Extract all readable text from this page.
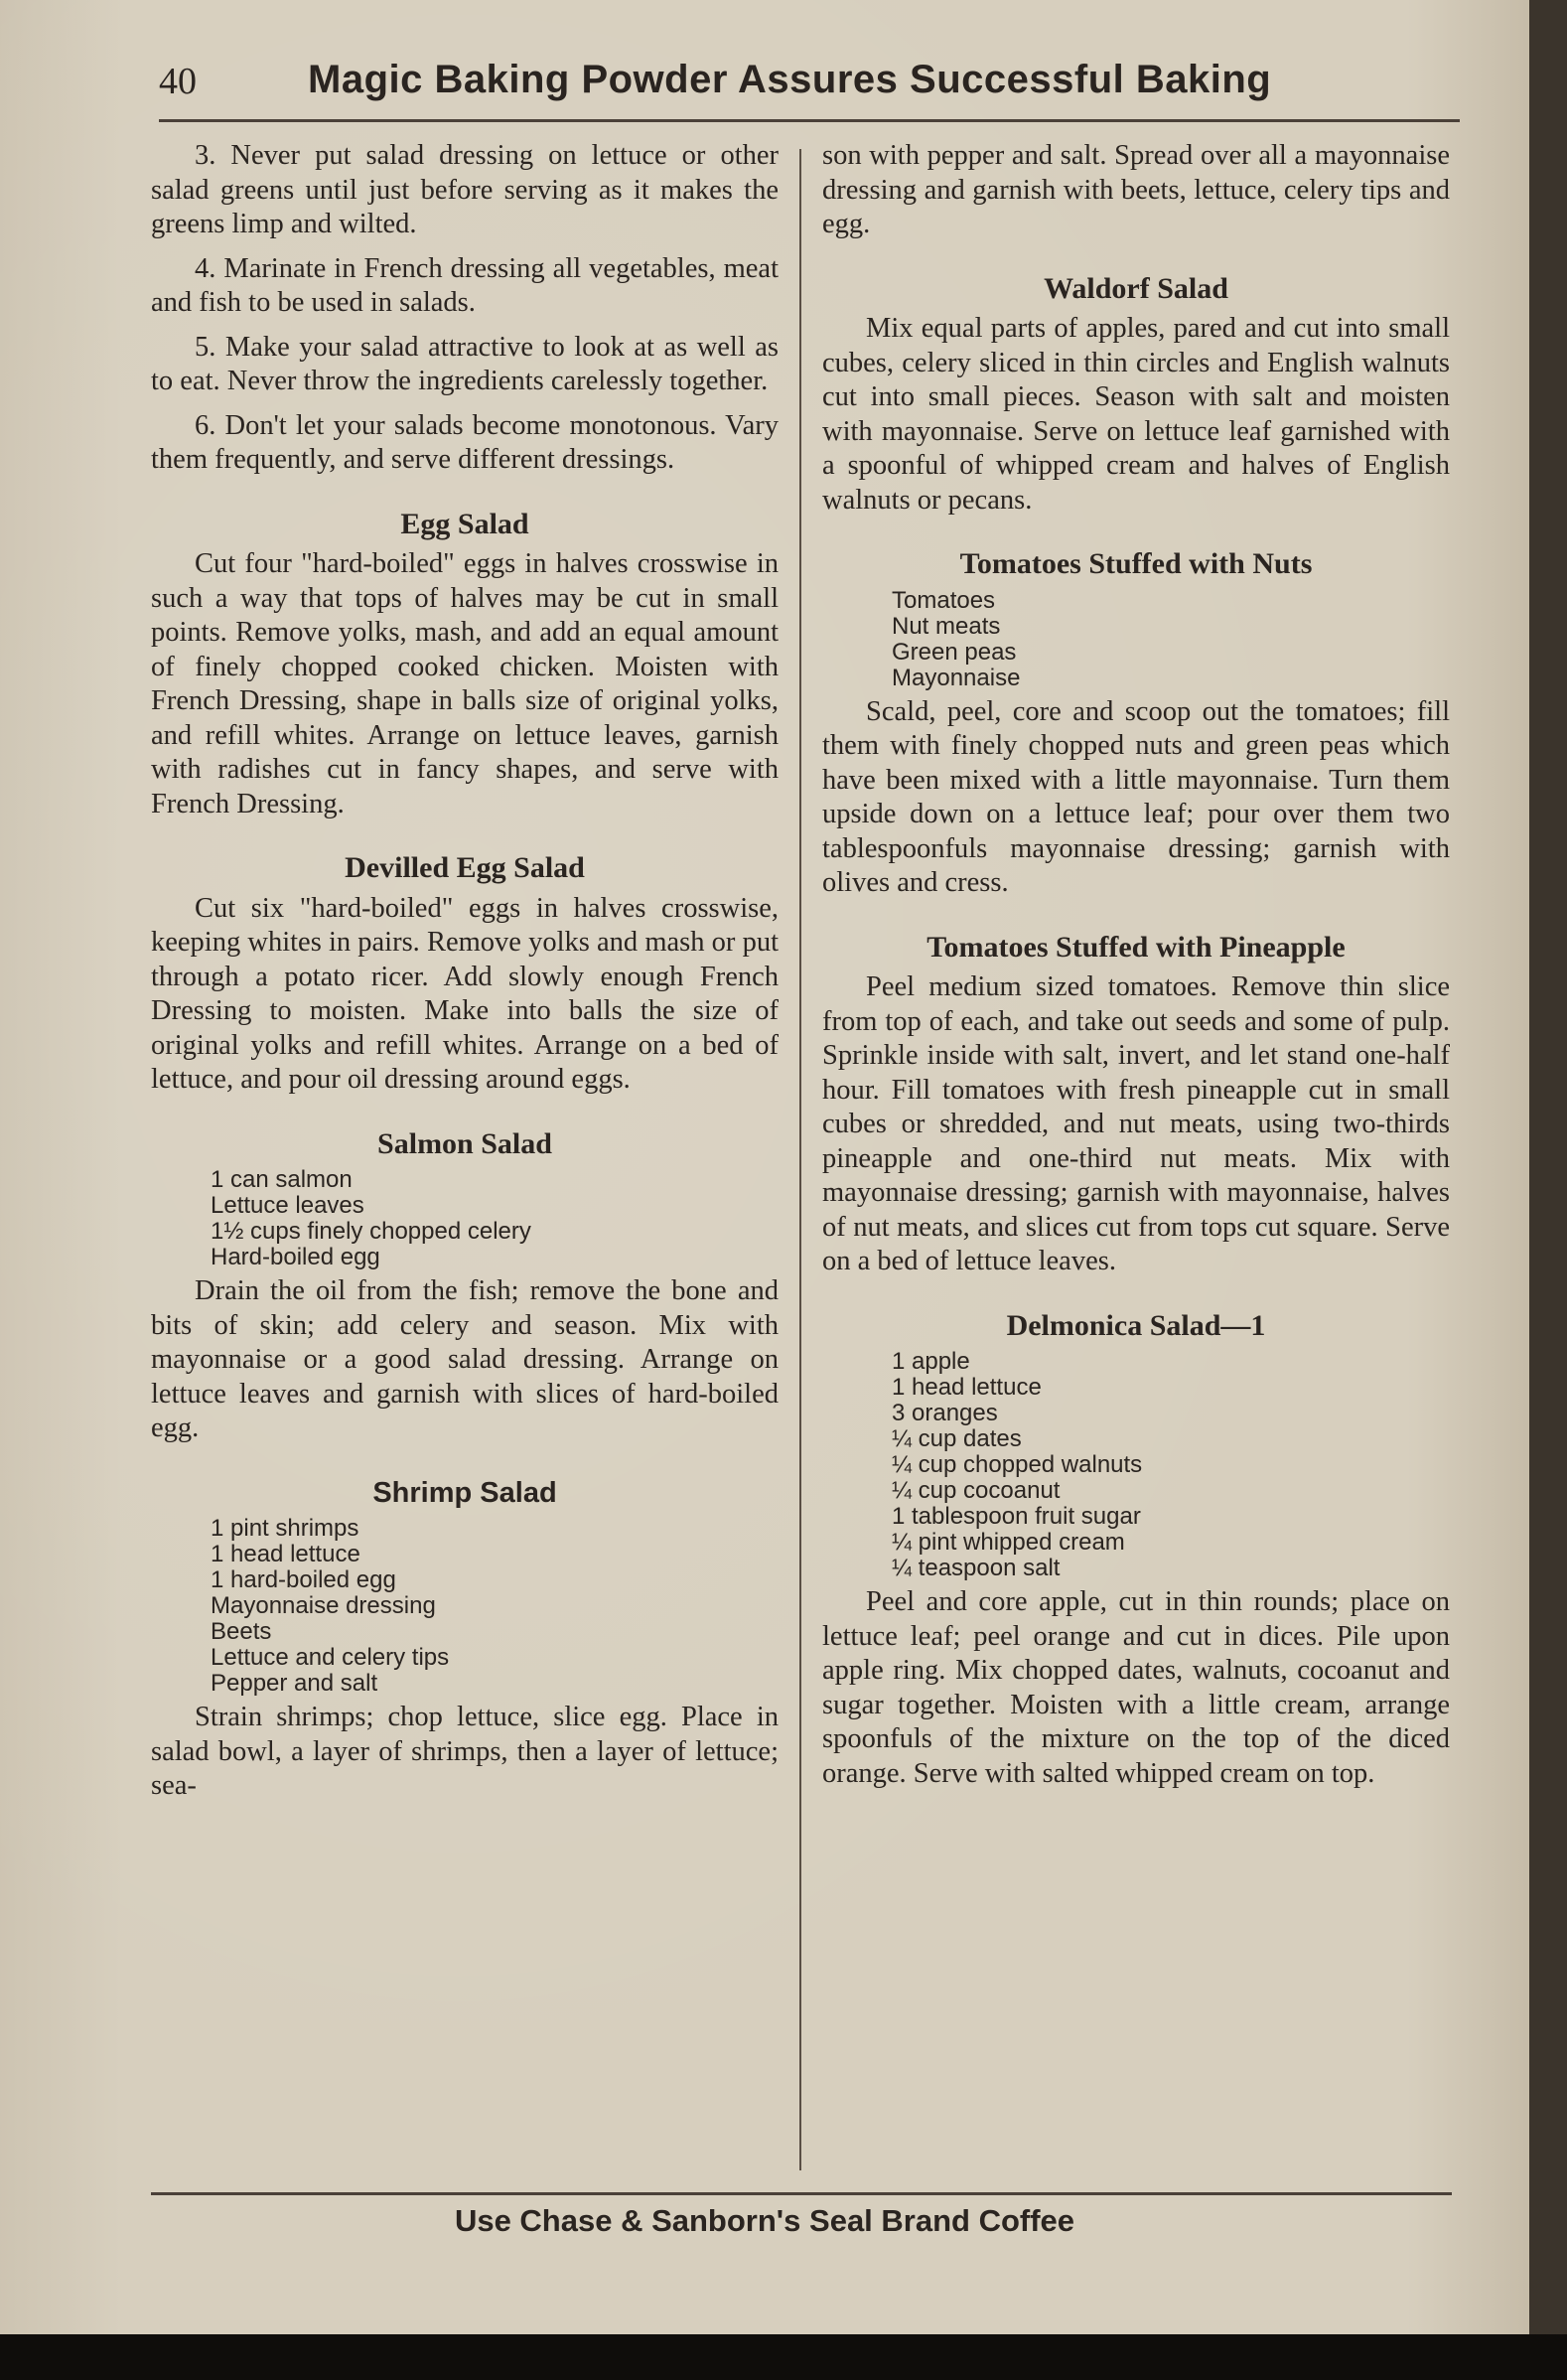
40	Magic Baking Powder Assures Successful Baking

3. Never put salad dressing on lettuce or other salad greens until just before serving as it makes the greens limp and wilted.

4. Marinate in French dressing all vegetables, meat and fish to be used in salads.

5. Make your salad attractive to look at as well as to eat. Never throw the ingredients carelessly together.

6. Don't let your salads become monotonous. Vary them frequently, and serve different dressings.

Egg Salad

Cut four "hard-boiled" eggs in halves crosswise in such a way that tops of halves may be cut in small points. Remove yolks, mash, and add an equal amount of finely chopped cooked chicken. Moisten with French Dressing, shape in balls size of original yolks, and refill whites. Arrange on lettuce leaves, garnish with radishes cut in fancy shapes, and serve with French Dressing.

Devilled Egg Salad

Cut six "hard-boiled" eggs in halves crosswise, keeping whites in pairs. Remove yolks and mash or put through a potato ricer. Add slowly enough French Dressing to moisten. Make into balls the size of original yolks and refill whites. Arrange on a bed of lettuce, and pour oil dressing around eggs.

Salmon Salad
1 can salmon
Lettuce leaves
1½ cups finely chopped celery
Hard-boiled egg

Drain the oil from the fish; remove the bone and bits of skin; add celery and season. Mix with mayonnaise or a good salad dressing. Arrange on lettuce leaves and garnish with slices of hard-boiled egg.

Shrimp Salad
1 pint shrimps
1 head lettuce
1 hard-boiled egg
Mayonnaise dressing
Beets
Lettuce and celery tips
Pepper and salt

Strain shrimps; chop lettuce, slice egg. Place in salad bowl, a layer of shrimps, then a layer of lettuce; sea-

son with pepper and salt. Spread over all a mayonnaise dressing and garnish with beets, lettuce, celery tips and egg.

Waldorf Salad

Mix equal parts of apples, pared and cut into small cubes, celery sliced in thin circles and English walnuts cut into small pieces. Season with salt and moisten with mayonnaise. Serve on lettuce leaf garnished with a spoonful of whipped cream and halves of English walnuts or pecans.

Tomatoes Stuffed with Nuts
Tomatoes
Nut meats
Green peas
Mayonnaise

Scald, peel, core and scoop out the tomatoes; fill them with finely chopped nuts and green peas which have been mixed with a little mayonnaise. Turn them upside down on a lettuce leaf; pour over them two tablespoonfuls mayonnaise dressing; garnish with olives and cress.

Tomatoes Stuffed with Pineapple

Peel medium sized tomatoes. Remove thin slice from top of each, and take out seeds and some of pulp. Sprinkle inside with salt, invert, and let stand one-half hour. Fill tomatoes with fresh pineapple cut in small cubes or shredded, and nut meats, using two-thirds pineapple and one-third nut meats. Mix with mayonnaise dressing; garnish with mayonnaise, halves of nut meats, and slices cut from tops cut square. Serve on a bed of lettuce leaves.

Delmonica Salad—1
1 apple
1 head lettuce
3 oranges
¼ cup dates
¼ cup chopped walnuts
¼ cup cocoanut
1 tablespoon fruit sugar
¼ pint whipped cream
¼ teaspoon salt

Peel and core apple, cut in thin rounds; place on lettuce leaf; peel orange and cut in dices. Pile upon apple ring. Mix chopped dates, walnuts, cocoanut and sugar together. Moisten with a little cream, arrange spoonfuls of the mixture on the top of the diced orange. Serve with salted whipped cream on top.

Use Chase & Sanborn's Seal Brand Coffee
